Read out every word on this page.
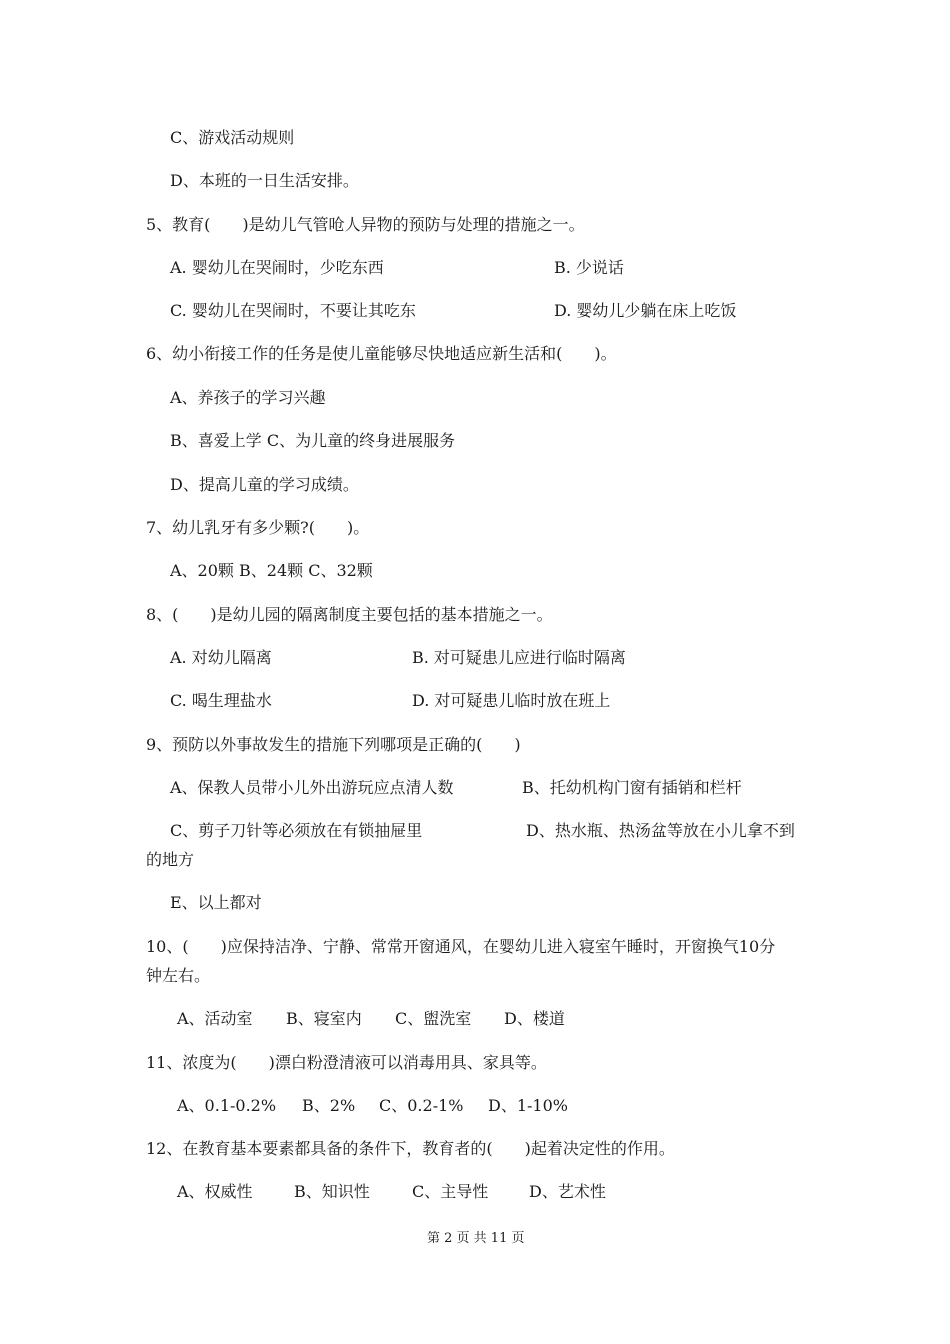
C、游戏活动规则
D、本班的一日生活安排。
5、教育(　　)是幼儿气管呛人异物的预防与处理的措施之一。
A. 婴幼儿在哭闹时，少吃东西	B. 少说话
C. 婴幼儿在哭闹时，不要让其吃东	D. 婴幼儿少躺在床上吃饭
6、幼小衔接工作的任务是使儿童能够尽快地适应新生活和(　　)。
A、养孩子的学习兴趣
B、喜爱上学 C、为儿童的终身进展服务
D、提高儿童的学习成绩。
7、幼儿乳牙有多少颗?(　　)。
A、20颗 B、24颗 C、32颗
8、(　　)是幼儿园的隔离制度主要包括的基本措施之一。
A. 对幼儿隔离	B. 对可疑患儿应进行临时隔离
C. 喝生理盐水	D. 对可疑患儿临时放在班上
9、预防以外事故发生的措施下列哪项是正确的(　　)
A、保教人员带小儿外出游玩应点清人数	B、托幼机构门窗有插销和栏杆
C、剪子刀针等必须放在有锁抽屉里	D、热水瓶、热汤盆等放在小儿拿不到
的地方
E、以上都对
10、(　　)应保持洁净、宁静、常常开窗通风，在婴幼儿进入寝室午睡时，开窗换气10分
钟左右。
A、活动室 B、寝室内 C、盥洗室 D、楼道
11、浓度为(　　)漂白粉澄清液可以消毒用具、家具等。
A、0.1-0.2% B、2% C、0.2-1% D、1-10%
12、在教育基本要素都具备的条件下，教育者的(　　)起着决定性的作用。
A、权威性	B、知识性	C、主导性	D、艺术性
第 2 页 共 11 页
